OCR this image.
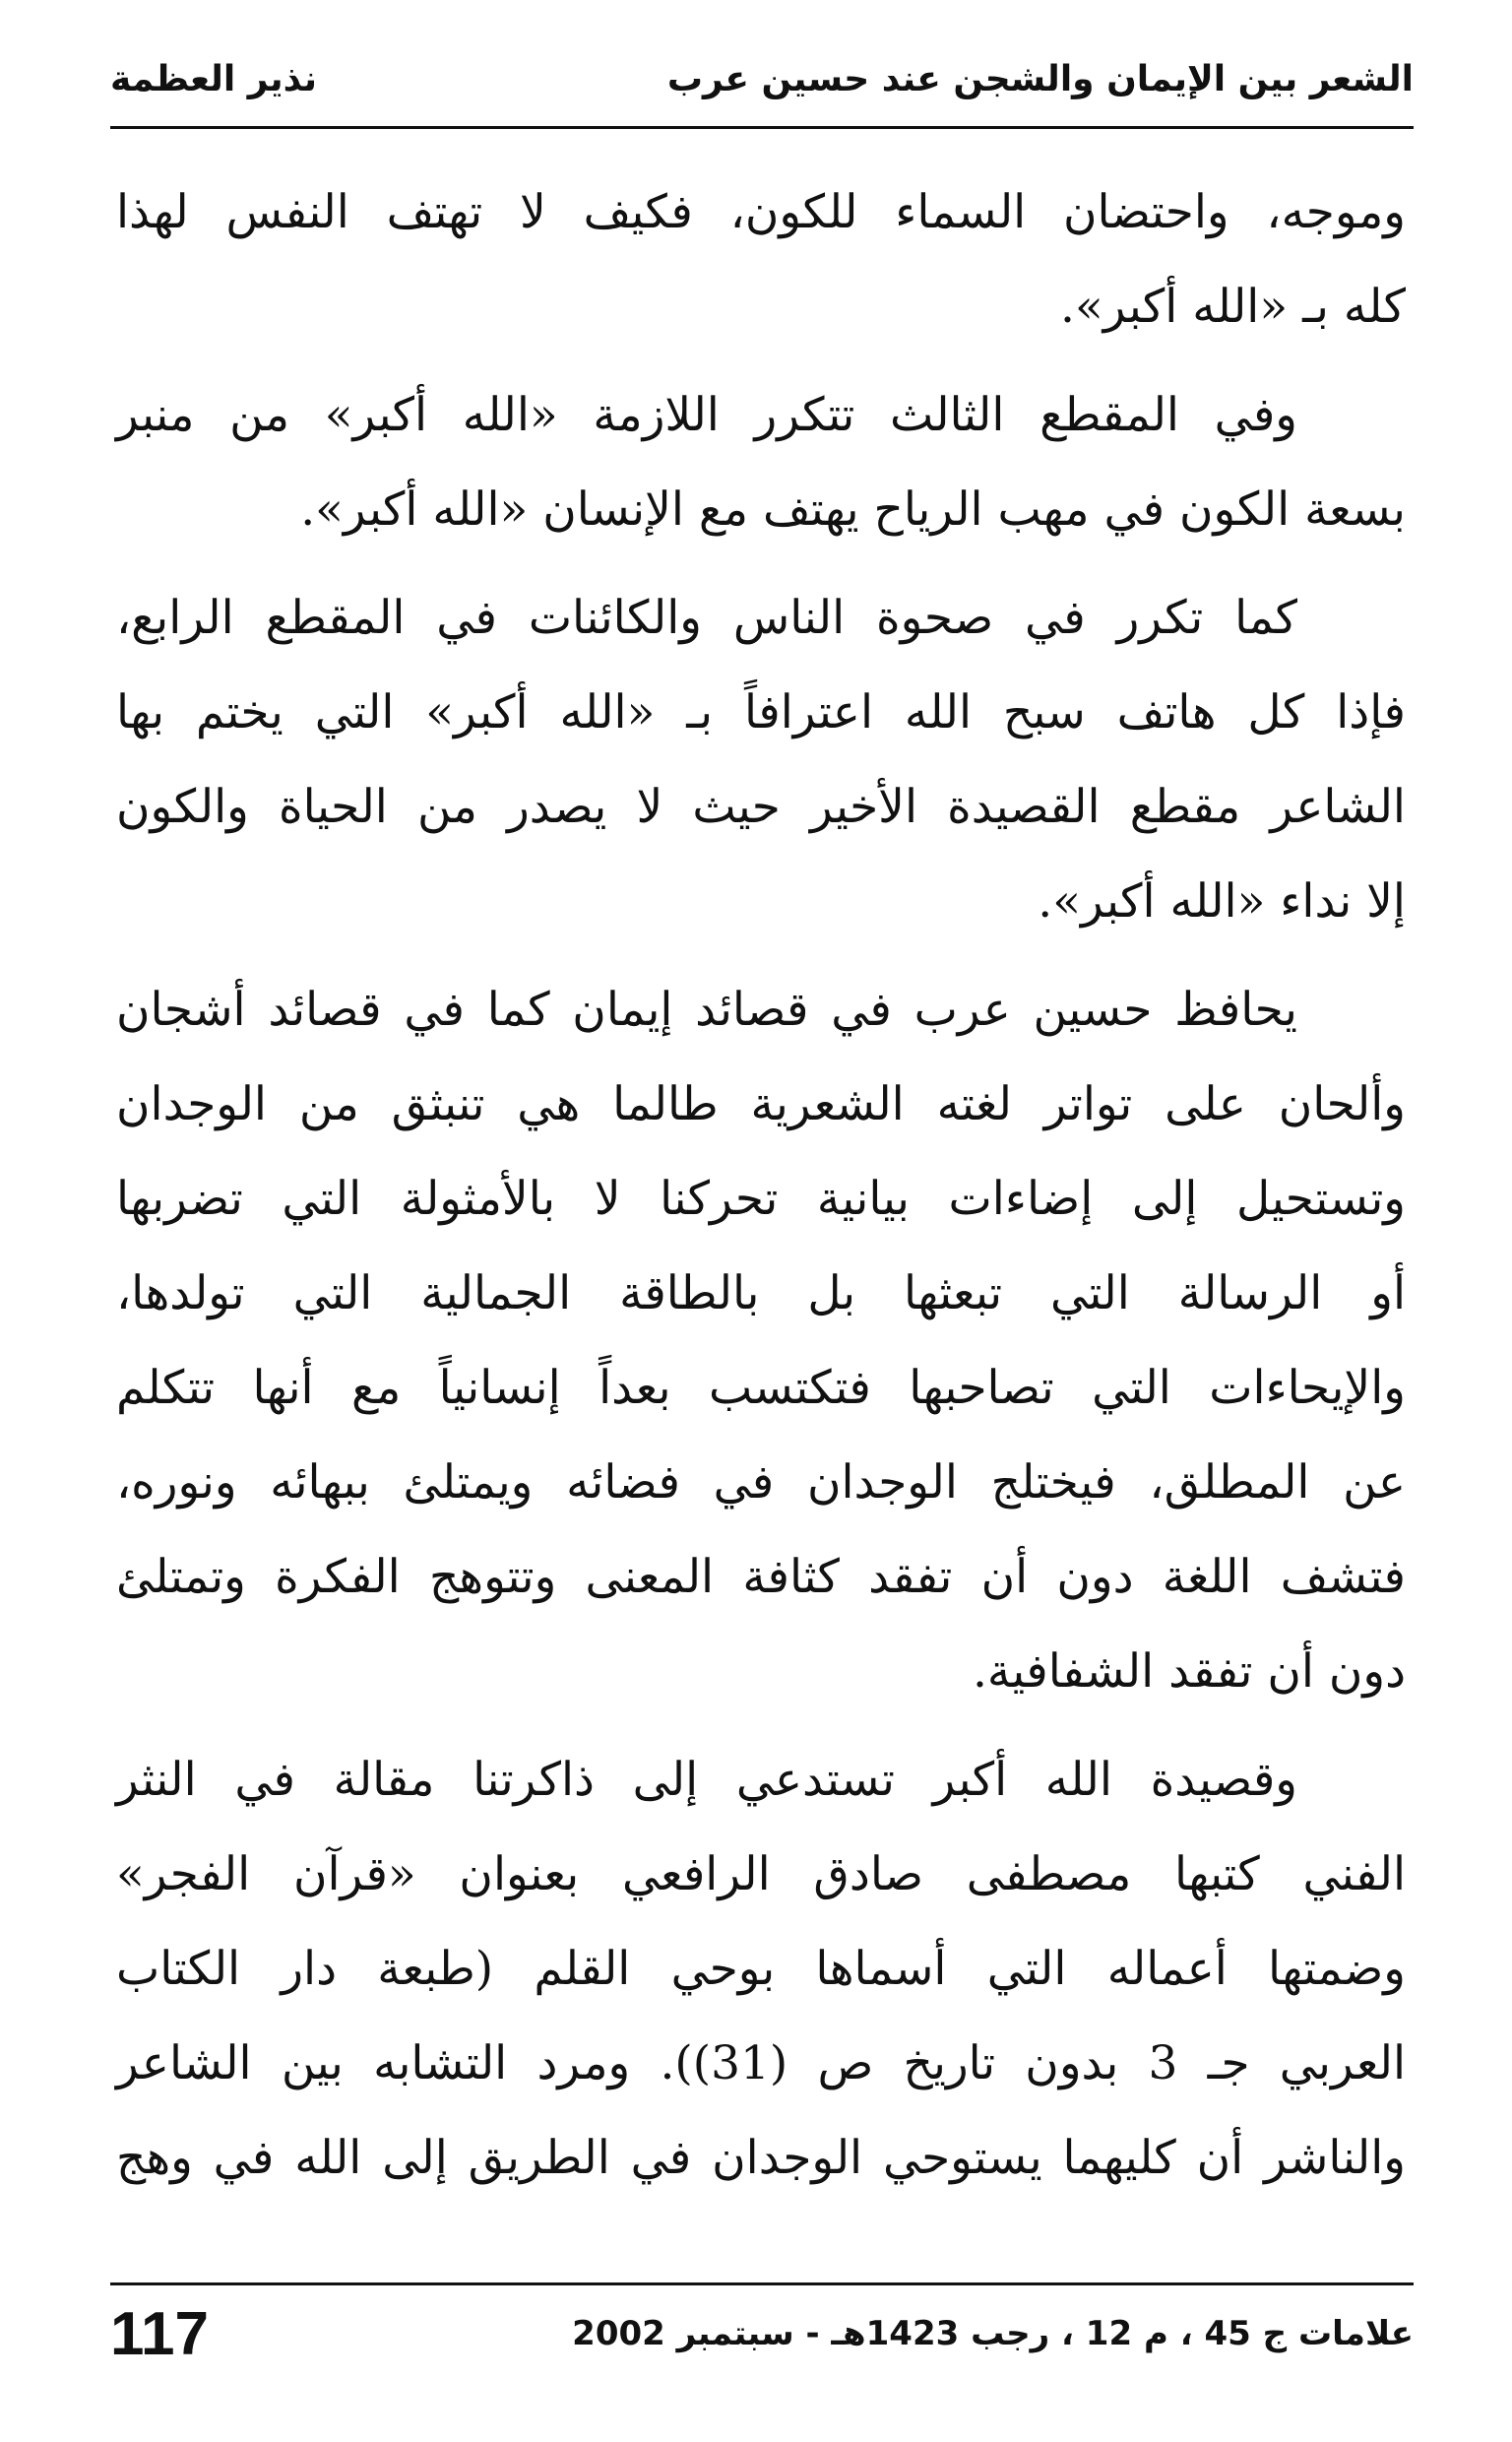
الشعر بين الإيمان والشجن عند حسين عرب
نذير العظمة
وموجه، واحتضان السماء للكون، فكيف لا تهتف النفس لهذا
كله بـ «الله أكبر».
وفي المقطع الثالث تتكرر اللازمة «الله أكبر» من منبر
بسعة الكون في مهب الرياح يهتف مع الإنسان «الله أكبر».
كما تكرر في صحوة الناس والكائنات في المقطع الرابع،
فإذا كل هاتف سبح الله اعترافاً بـ «الله أكبر» التي يختم بها
الشاعر مقطع القصيدة الأخير حيث لا يصدر من الحياة والكون
إلا نداء «الله أكبر».
يحافظ حسين عرب في قصائد إيمان كما في قصائد أشجان
وألحان على تواتر لغته الشعرية طالما هي تنبثق من الوجدان
وتستحيل إلى إضاءات بيانية تحركنا لا بالأمثولة التي تضربها
أو الرسالة التي تبعثها بل بالطاقة الجمالية التي تولدها،
والإيحاءات التي تصاحبها فتكتسب بعداً إنسانياً مع أنها تتكلم
عن المطلق، فيختلج الوجدان في فضائه ويمتلئ ببهائه ونوره،
فتشف اللغة دون أن تفقد كثافة المعنى وتتوهج الفكرة وتمتلئ
دون أن تفقد الشفافية.
وقصيدة الله أكبر تستدعي إلى ذاكرتنا مقالة في النثر
الفني كتبها مصطفى صادق الرافعي بعنوان «قرآن الفجر»
وضمتها أعماله التي أسماها بوحي القلم (طبعة دار الكتاب
العربي جـ 3 بدون تاريخ ص (31)). ومرد التشابه بين الشاعر
والناشر أن كليهما يستوحي الوجدان في الطريق إلى الله في وهج
علامات ج 45 ، م 12 ، رجب 1423هـ - سبتمبر 2002
117
